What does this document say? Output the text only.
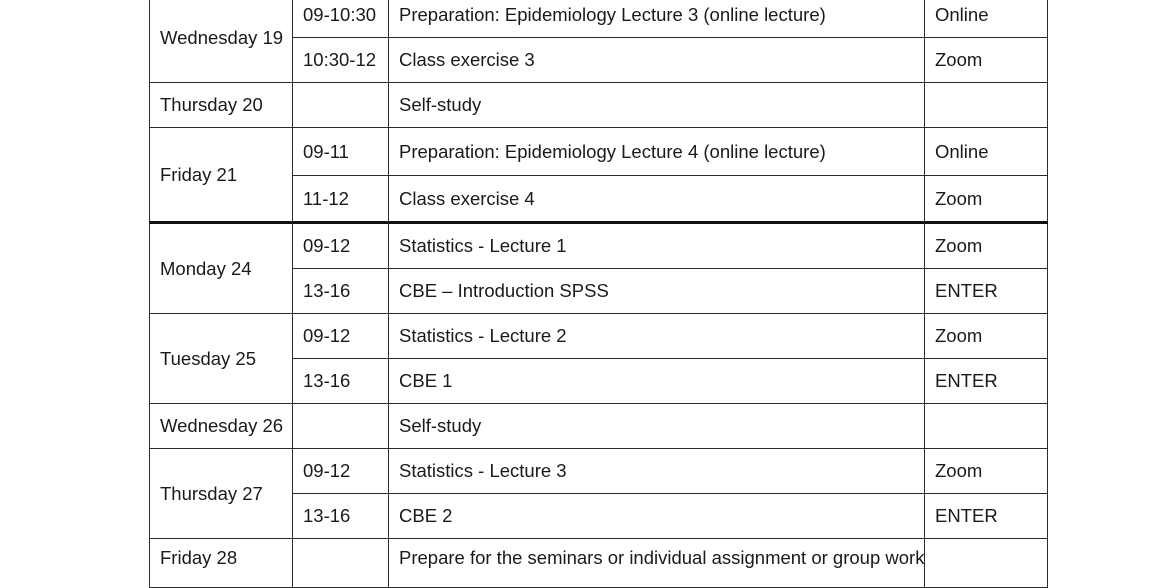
Wednesday 19	09-10:30	Preparation: Epidemiology Lecture 3 (online lecture)	Online
	10:30-12	Class exercise 3	Zoom
Thursday 20		Self-study	
Friday 21	09-11	Preparation: Epidemiology Lecture 4 (online lecture)	Online
	11-12	Class exercise 4	Zoom
Monday 24	09-12	Statistics - Lecture 1	Zoom
	13-16	CBE – Introduction SPSS	ENTER
Tuesday 25	09-12	Statistics - Lecture 2	Zoom
	13-16	CBE 1	ENTER
Wednesday 26		Self-study	
Thursday 27	09-12	Statistics - Lecture 3	Zoom
	13-16	CBE 2	ENTER
Friday 28		Prepare for the seminars or individual assignment or group work	
